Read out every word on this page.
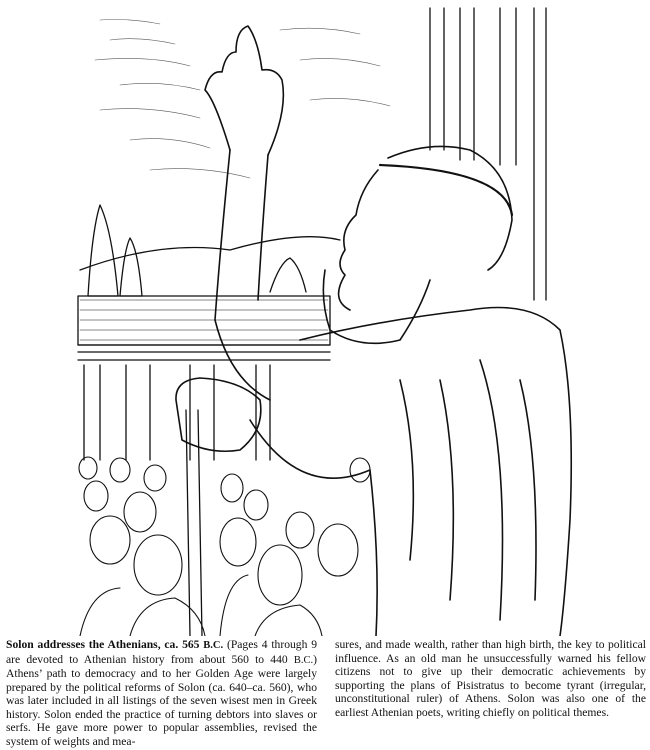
Solon addresses the Athenians, ca. 565 B.C. (Pages 4 through 9 are devoted to Athenian history from about 560 to 440 B.C.) Athens’ path to democracy and to her Golden Age were largely prepared by the political reforms of Solon (ca. 640–ca. 560), who was later included in all listings of the seven wisest men in Greek history. Solon ended the practice of turning debtors into slaves or serfs. He gave more power to popular assemblies, revised the system of weights and mea-
sures, and made wealth, rather than high birth, the key to political influence. As an old man he unsuccessfully warned his fellow citizens not to give up their democratic achievements by supporting the plans of Pisistratus to become tyrant (irregular, unconstitutional ruler) of Athens. Solon was also one of the earliest Athenian poets, writing chiefly on political themes.
